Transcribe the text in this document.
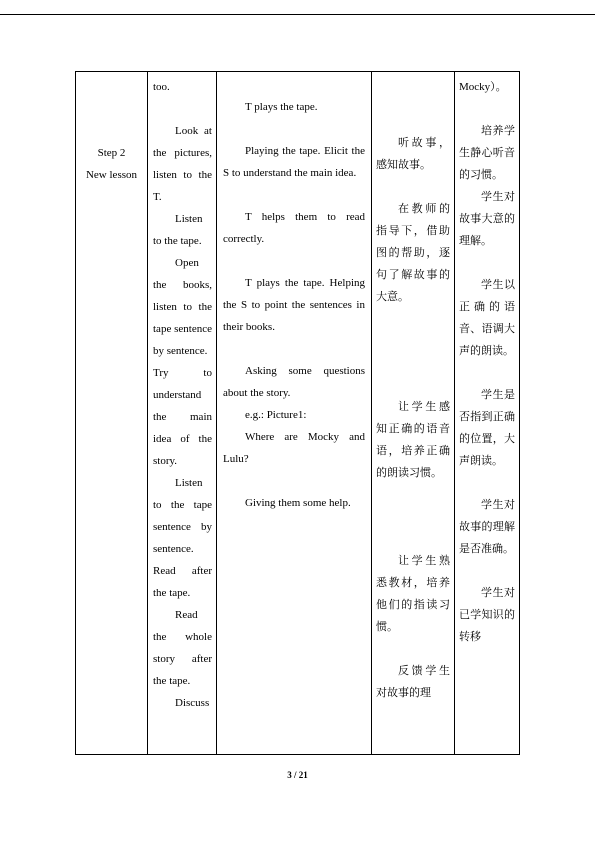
Step 2
New lesson

too.
Look at the pictures, listen to the T.
Listen to the tape.
Open the books, listen to the tape sentence by sentence.
Try to understand the main idea of the story.
Listen to the tape sentence by sentence.
Read after the tape.
Read the whole story after the tape.
Discuss

T plays the tape.
Playing the tape. Elicit the S to understand the main idea.
T helps them to read correctly.
T plays the tape. Helping the S to point the sentences in their books.
Asking some questions about the story.
e.g.: Picture1:
Where are Mocky and Lulu?
Giving them some help.

听故事，感知故事。
在教师的指导下，借助图的帮助，逐句了解故事的大意。
让学生感知正确的语音语，培养正确的朗读习惯。
让学生熟悉教材，培养他们的指读习惯。
反馈学生对故事的理

Mocky）。
培养学生静心听音的习惯。
学生对故事大意的理解。
学生以正确的语音、语调大声的朗读。
学生是否指到正确的位置，大声朗读。
学生对故事的理解是否准确。
学生对已学知识的转移
3 / 21
